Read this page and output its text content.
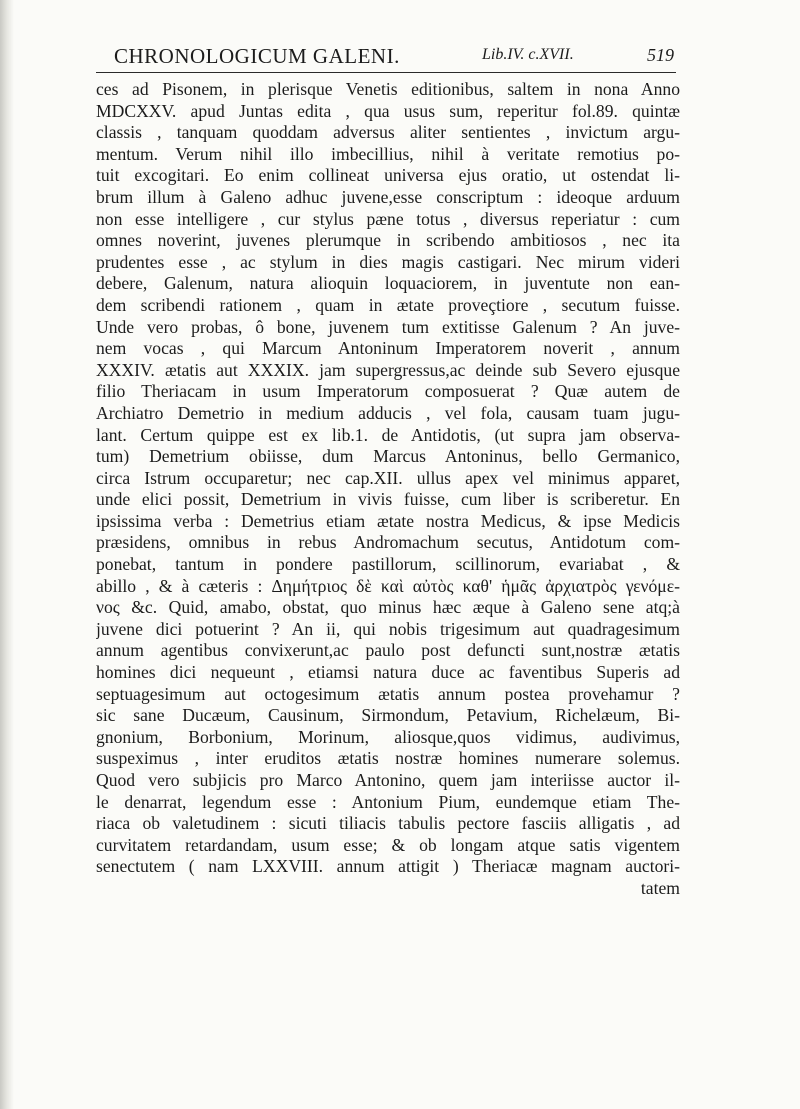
CHRONOLOGICUM GALENI.	Lib.IV. c.XVII.	519
ces ad Pisonem, in plerisque Venetis editionibus, saltem in nona Anno
MDCXXV. apud Juntas edita , qua usus sum, reperitur fol.89. quintæ
classis , tanquam quoddam adversus aliter sentientes , invictum argu-
mentum. Verum nihil illo imbecillius, nihil à veritate remotius po-
tuit excogitari. Eo enim collineat universa ejus oratio, ut ostendat li-
brum illum à Galeno adhuc juvene,esse conscriptum : ideoque arduum
non esse intelligere , cur stylus pæne totus , diversus reperiatur : cum
omnes noverint, juvenes plerumque in scribendo ambitiosos , nec ita
prudentes esse , ac stylum in dies magis castigari. Nec mirum videri
debere, Galenum, natura alioquin loquaciorem, in juventute non ean-
dem scribendi rationem , quam in ætate proveçtiore , secutum fuisse.
Unde vero probas, ô bone, juvenem tum extitisse Galenum ? An juve-
nem vocas , qui Marcum Antoninum Imperatorem noverit , annum
XXXIV. ætatis aut XXXIX. jam supergressus,ac deinde sub Severo ejusque
filio Theriacam in usum Imperatorum composuerat ? Quæ autem de
Archiatro Demetrio in medium adducis , vel fola, causam tuam jugu-
lant. Certum quippe est ex lib.1. de Antidotis, (ut supra jam observa-
tum) Demetrium obiisse, dum Marcus Antoninus, bello Germanico,
circa Istrum occuparetur; nec cap.XII. ullus apex vel minimus apparet,
unde elici possit, Demetrium in vivis fuisse, cum liber is scriberetur. En
ipsissima verba : Demetrius etiam ætate nostra Medicus, & ipse Medicis
præsidens, omnibus in rebus Andromachum secutus, Antidotum com-
ponebat, tantum in pondere pastillorum, scillinorum, evariabat , &
abillo , & à cæteris : Δημήτριος δὲ καὶ αὐτὸς καθ' ἡμᾶς ἀρχιατρὸς γενόμε-
νος &c. Quid, amabo, obstat, quo minus hæc æque à Galeno sene atq;à
juvene dici potuerint ? An ii, qui nobis trigesimum aut quadragesimum
annum agentibus convixerunt,ac paulo post defuncti sunt,nostræ ætatis
homines dici nequeunt , etiamsi natura duce ac faventibus Superis ad
septuagesimum aut octogesimum ætatis annum postea provehamur ?
sic sane Ducæum, Causinum, Sirmondum, Petavium, Richelæum, Bi-
gnonium, Borbonium, Morinum, aliosque,quos vidimus, audivimus,
suspeximus , inter eruditos ætatis nostræ homines numerare solemus.
Quod vero subjicis pro Marco Antonino, quem jam interiisse auctor il-
le denarrat, legendum esse : Antonium Pium, eundemque etiam The-
riaca ob valetudinem : sicuti tiliacis tabulis pectore fasciis alligatis , ad
curvitatem retardandam, usum esse; & ob longam atque satis vigentem
senectutem ( nam LXXVIII. annum attigit ) Theriacæ magnam auctori-
tatem
